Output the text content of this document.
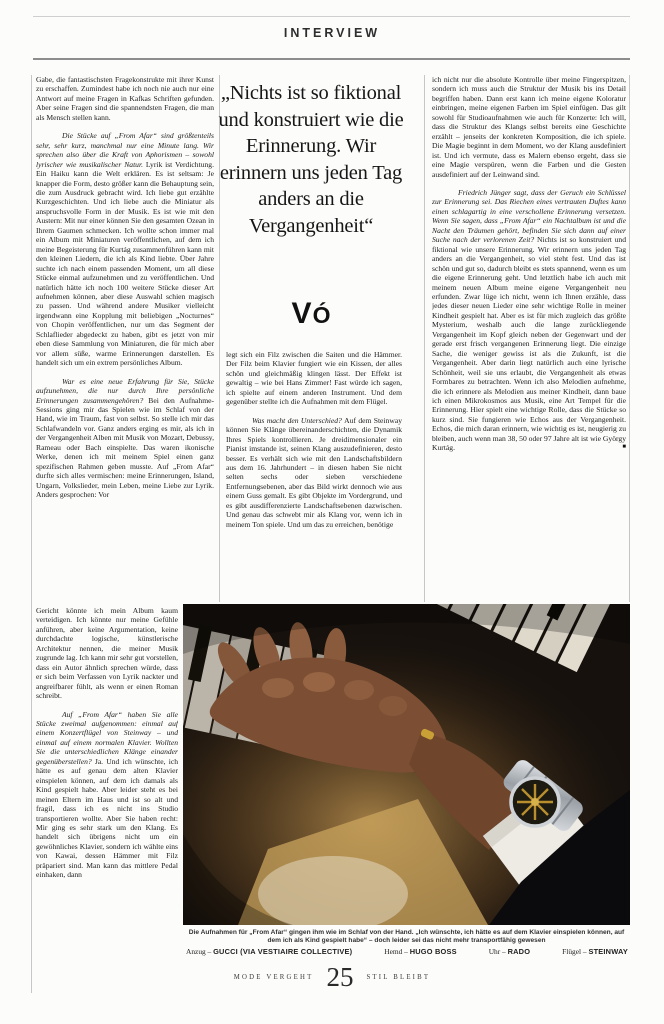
INTERVIEW

Gabe, die fantastischsten Fragekonstrukte mit ihrer Kunst zu erschaffen. Zumindest habe ich noch nie auch nur eine Antwort auf meine Fragen in Kafkas Schriften gefunden. Aber seine Fragen sind die spannendsten Fragen, die man als Mensch stellen kann.

Die Stücke auf „From Afar“ sind größtenteils sehr, sehr kurz, manchmal nur eine Minute lang. Wir sprechen also über die Kraft von Aphorismen – sowohl lyrischer wie musikalischer Natur. Lyrik ist Verdichtung. Ein Haiku kann die Welt erklären. Es ist seltsam: Je knapper die Form, desto größer kann die Behauptung sein, die zum Ausdruck gebracht wird. Ich liebe gut erzählte Kurzgeschichten. Und ich liebe auch die Miniatur als anspruchsvolle Form in der Musik. Es ist wie mit den Austern: Mit nur einer können Sie den gesamten Ozean in Ihrem Gaumen schmecken. Ich wollte schon immer mal ein Album mit Miniaturen veröffentlichen, auf dem ich meine Begeisterung für Kurtág zusammenführen kann mit den kleinen Liedern, die ich als Kind liebte. Über Jahre suchte ich nach einem passenden Moment, um all diese Stücke einmal aufzunehmen und zu veröffentlichen. Und natürlich hätte ich noch 100 weitere Stücke dieser Art aufnehmen können, aber diese Auswahl schien magisch zu passen. Und während andere Musiker vielleicht irgendwann eine Kopplung mit beliebigen „Nocturnes“ von Chopin veröffentlichen, nur um das Segment der Schlaflieder abgedeckt zu haben, gibt es jetzt von mir eben diese Sammlung von Miniaturen, die für mich aber vor allem süße, warme Erinnerungen darstellen. Es handelt sich um ein extrem persönliches Album.

War es eine neue Erfahrung für Sie, Stücke aufzunehmen, die nur durch Ihre persönliche Erinnerungen zusammengehören? Bei den Aufnahme-Sessions ging mir das Spielen wie im Schlaf von der Hand, wie im Traum, fast von selbst. So stelle ich mir das Schlafwandeln vor. Ganz anders erging es mir, als ich in der Vergangenheit Alben mit Musik von Mozart, Debussy, Rameau oder Bach einspielte. Das waren ikonische Werke, denen ich mit meinem Spiel einen ganz spezifischen Rahmen geben musste. Auf „From Afar“ durfte sich alles vermischen: meine Erinnerungen, Island, Ungarn, Volkslieder, mein Leben, meine Liebe zur Lyrik. Anders gesprochen: Vor

Gericht könnte ich mein Album kaum verteidigen. Ich könnte nur meine Gefühle anführen, aber keine Argumentation, keine durchdachte logische, künstlerische Architektur nennen, die meiner Musik zugrunde lag. Ich kann mir sehr gut vorstellen, dass ein Autor ähnlich sprechen würde, dass er sich beim Verfassen von Lyrik nackter und angreifbarer fühlt, als wenn er einen Roman schreibt.

Auf „From Afar“ haben Sie alle Stücke zweimal aufgenommen: einmal auf einem Konzertflügel von Steinway – und einmal auf einem normalen Klavier. Wollten Sie die unterschiedlichen Klänge einander gegenüberstellen? Ja. Und ich wünschte, ich hätte es auf genau dem alten Klavier einspielen können, auf dem ich damals als Kind gespielt habe. Aber leider steht es bei meinen Eltern im Haus und ist so alt und fragil, dass ich es nicht ins Studio transportieren wollte. Aber Sie haben recht: Mir ging es sehr stark um den Klang. Es handelt sich übrigens nicht um ein gewöhnliches Klavier, sondern ich wählte eins von Kawai, dessen Hämmer mit Filz präpariert sind. Man kann das mittlere Pedal einhaken, dann

„Nichts ist so fiktional und konstruiert wie die Erinnerung. Wir erinnern uns jeden Tag anders an die Vergangenheit“
VÓ

legt sich ein Filz zwischen die Saiten und die Hämmer. Der Filz beim Klavier fungiert wie ein Kissen, der alles schön und gleichmäßig klingen lässt. Der Effekt ist gewaltig – wie bei Hans Zimmer! Fast würde ich sagen, ich spielte auf einem anderen Instrument. Und dem gegenüber stellte ich die Aufnahmen mit dem Flügel.

Was macht den Unterschied? Auf dem Steinway können Sie Klänge übereinanderschichten, die Dynamik Ihres Spiels kontrollieren. Je dreidimensionaler ein Pianist imstande ist, seinen Klang auszudefinieren, desto besser. Es verhält sich wie mit den Landschaftsbildern aus dem 16. Jahrhundert – in diesen haben Sie nicht selten sechs oder sieben verschiedene Entfernungsebenen, aber das Bild wirkt dennoch wie aus einem Guss gemalt. Es gibt Objekte im Vordergrund, und es gibt ausdifferenzierte Landschaftsebenen dazwischen. Und genau das schwebt mir als Klang vor, wenn ich in meinem Ton spiele. Und um das zu erreichen, benötige

ich nicht nur die absolute Kontrolle über meine Fingerspitzen, sondern ich muss auch die Struktur der Musik bis ins Detail begriffen haben. Dann erst kann ich meine eigene Koloratur einbringen, meine eigenen Farben im Spiel einfügen. Das gilt sowohl für Studioaufnahmen wie auch für Konzerte: Ich will, dass die Struktur des Klangs selbst bereits eine Geschichte erzählt – jenseits der konkreten Komposition, die ich spiele. Die Magie beginnt in dem Moment, wo der Klang ausdefiniert ist. Und ich vermute, dass es Malern ebenso ergeht, dass sie eine Magie verspüren, wenn die Farben und die Gesten ausdefiniert auf der Leinwand sind.

Friedrich Jünger sagt, dass der Geruch ein Schlüssel zur Erinnerung sei. Das Riechen eines vertrauten Duftes kann einen schlagartig in eine verschollene Erinnerung versetzen. Wenn Sie sagen, dass „From Afar“ ein Nachtalbum ist und die Nacht den Träumen gehört, befinden Sie sich dann auf einer Suche nach der verlorenen Zeit? Nichts ist so konstruiert und fiktional wie unsere Erinnerung. Wir erinnern uns jeden Tag anders an die Vergangenheit, so viel steht fest. Und das ist schön und gut so, dadurch bleibt es stets spannend, wenn es um die eigene Erinnerung geht. Und letztlich habe ich auch mit meinem neuen Album meine eigene Vergangenheit neu erfunden. Zwar lüge ich nicht, wenn ich Ihnen erzähle, dass jedes dieser neuen Lieder eine sehr wichtige Rolle in meiner Kindheit gespielt hat. Aber es ist für mich zugleich das größte Mysterium, weshalb auch die lange zurückliegende Vergangenheit im Kopf gleich neben der Gegenwart und der gerade erst frisch vergangenen Erinnerung liegt. Die einzige Sache, die weniger gewiss ist als die Zukunft, ist die Vergangenheit. Aber darin liegt natürlich auch eine lyrische Schönheit, weil sie uns erlaubt, die Vergangenheit als etwas Formbares zu betrachten. Wenn ich also Melodien aufnehme, die ich erinnere als Melodien aus meiner Kindheit, dann baue ich einen Mikrokosmos aus Musik, eine Art Tempel für die Erinnerung. Hier spielt eine wichtige Rolle, dass die Stücke so kurz sind. Sie fungieren wie Echos aus der Vergangenheit. Echos, die mich daran erinnern, wie wichtig es ist, neugierig zu bleiben, auch wenn man 38, 50 oder 97 Jahre alt ist wie György Kurtág.	■

Die Aufnahmen für „From Afar“ gingen ihm wie im Schlaf von der Hand. „Ich wünschte, ich hätte es auf dem Klavier einspielen können, auf dem ich als Kind gespielt habe“ – doch leider sei das nicht mehr transportfähig gewesen
Anzug – GUCCI (VIA VESTIAIRE COLLECTIVE)	Hemd – HUGO BOSS	Uhr – RADO	Flügel – STEINWAY
MODE VERGEHT 25 STIL BLEIBT
